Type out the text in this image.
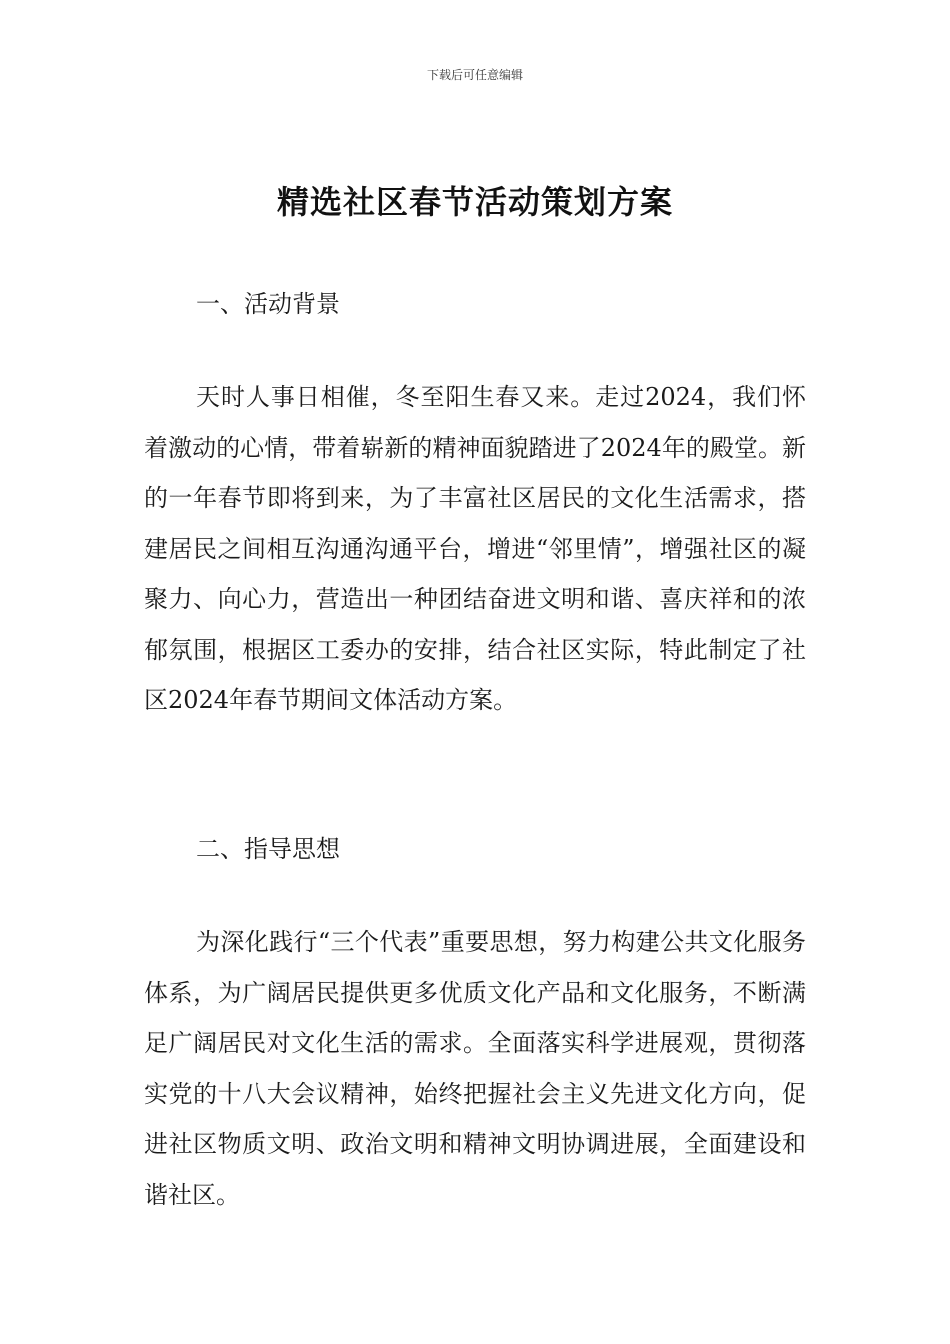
下载后可任意编辑
精选社区春节活动策划方案
一、活动背景

天时人事日相催，冬至阳生春又来。走过2024，我们怀着激动的心情，带着崭新的精神面貌踏进了2024年的殿堂。新的一年春节即将到来，为了丰富社区居民的文化生活需求，搭建居民之间相互沟通沟通平台，增进“邻里情”，增强社区的凝聚力、向心力，营造出一种团结奋进文明和谐、喜庆祥和的浓郁氛围，根据区工委办的安排，结合社区实际，特此制定了社区2024年春节期间文体活动方案。

二、指导思想

为深化践行“三个代表”重要思想，努力构建公共文化服务体系，为广阔居民提供更多优质文化产品和文化服务，不断满足广阔居民对文化生活的需求。全面落实科学进展观，贯彻落实党的十八大会议精神，始终把握社会主义先进文化方向，促进社区物质文明、政治文明和精神文明协调进展，全面建设和谐社区。
